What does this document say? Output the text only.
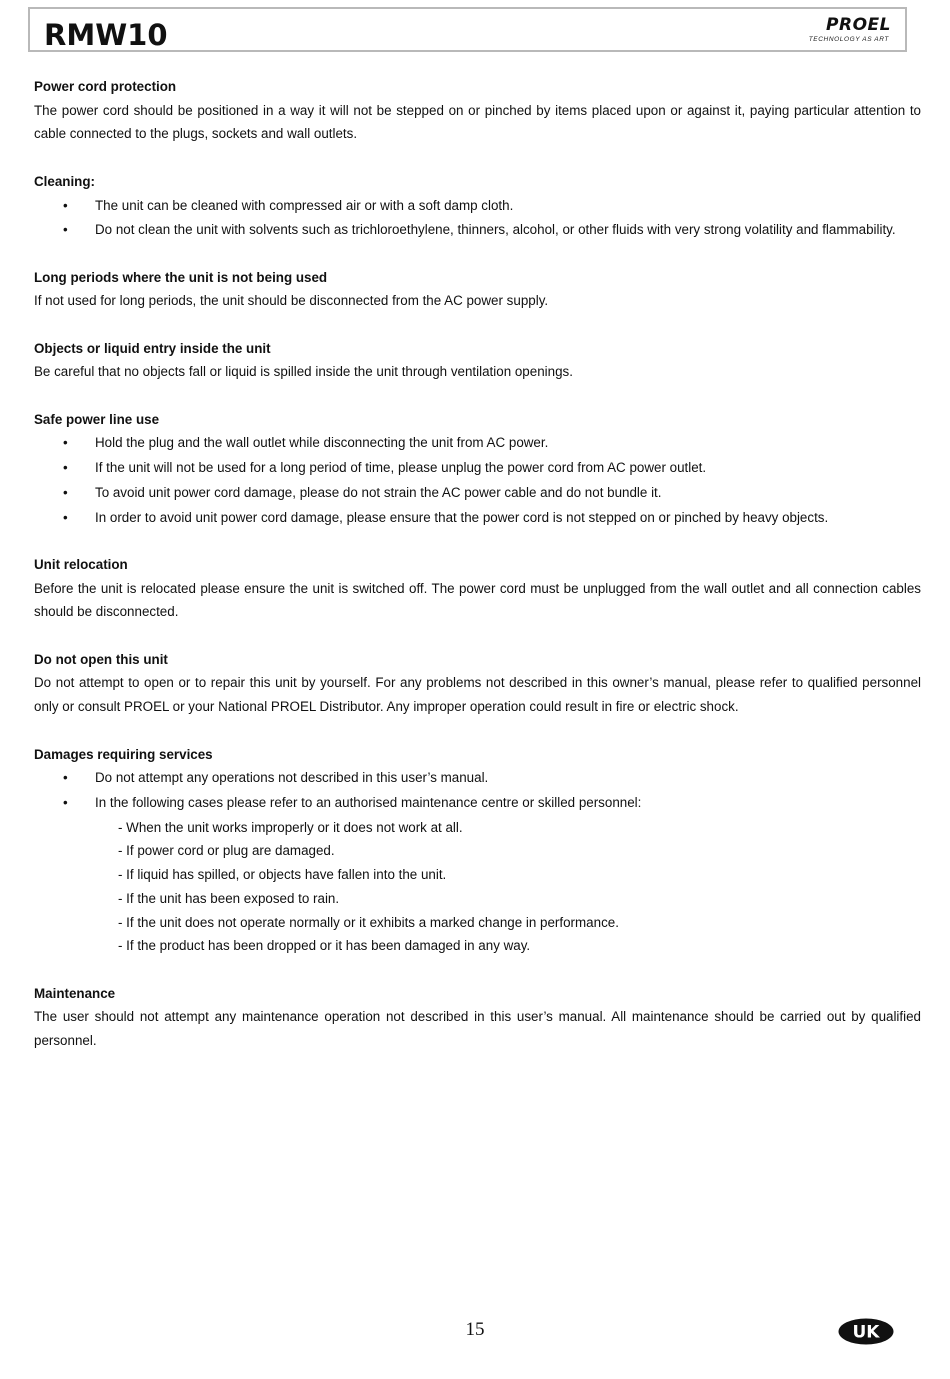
RMW10	PROEL
TECHNOLOGY AS ART
Power cord protection
The power cord should be positioned in a way it will not be stepped on or pinched by items placed upon or against it, paying particular attention to cable connected to the plugs, sockets and wall outlets.
Cleaning:
• The unit can be cleaned with compressed air or with a soft damp cloth.
• Do not clean the unit with solvents such as trichloroethylene, thinners, alcohol, or other fluids with very strong volatility and flammability.
Long periods where the unit is not being used
If not used for long periods, the unit should be disconnected from the AC power supply.
Objects or liquid entry inside the unit
Be careful that no objects fall or liquid is spilled inside the unit through ventilation openings.
Safe power line use
• Hold the plug and the wall outlet while disconnecting the unit from AC power.
• If the unit will not be used for a long period of time, please unplug the power cord from AC power outlet.
• To avoid unit power cord damage, please do not strain the AC power cable and do not bundle it.
• In order to avoid unit power cord damage, please ensure that the power cord is not stepped on or pinched by heavy objects.
Unit relocation
Before the unit is relocated please ensure the unit is switched off. The power cord must be unplugged from the wall outlet and all connection cables should be disconnected.
Do not open this unit
Do not attempt to open or to repair this unit by yourself. For any problems not described in this owner’s manual, please refer to qualified personnel only or consult PROEL or your National PROEL Distributor. Any improper operation could result in fire or electric shock.
Damages requiring services
• Do not attempt any operations not described in this user’s manual.
• In the following cases please refer to an authorised maintenance centre or skilled personnel:
- When the unit works improperly or it does not work at all.
- If power cord or plug are damaged.
- If liquid has spilled, or objects have fallen into the unit.
- If the unit has been exposed to rain.
- If the unit does not operate normally or it exhibits a marked change in performance.
- If the product has been dropped or it has been damaged in any way.
Maintenance
The user should not attempt any maintenance operation not described in this user’s manual. All maintenance should be carried out by qualified personnel.
15	UK
